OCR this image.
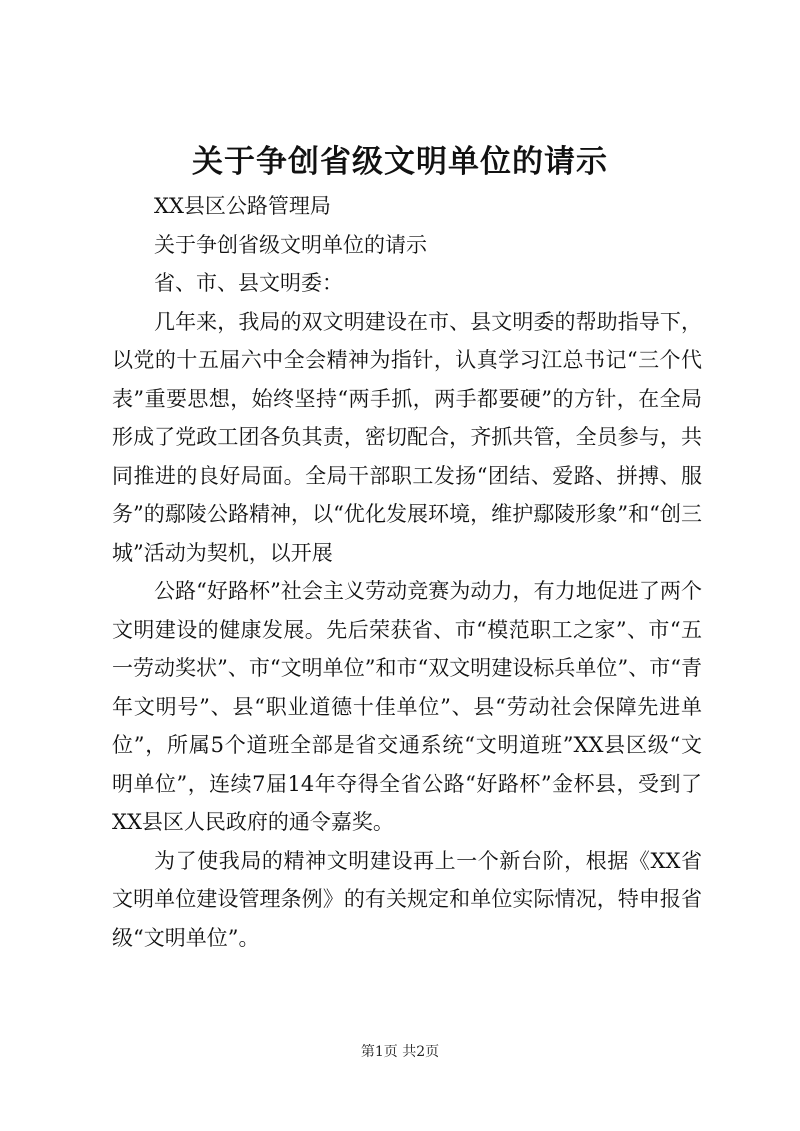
关于争创省级文明单位的请示

XX县区公路管理局

关于争创省级文明单位的请示

省、市、县文明委：

几年来，我局的双文明建设在市、县文明委的帮助指导下，以党的十五届六中全会精神为指针，认真学习江总书记“三个代表”重要思想，始终坚持“两手抓，两手都要硬”的方针，在全局形成了党政工团各负其责，密切配合，齐抓共管，全员参与，共同推进的良好局面。全局干部职工发扬“团结、爱路、拼搏、服务”的鄢陵公路精神，以“优化发展环境，维护鄢陵形象”和“创三城”活动为契机，以开展

公路“好路杯”社会主义劳动竞赛为动力，有力地促进了两个文明建设的健康发展。先后荣获省、市“模范职工之家”、市“五一劳动奖状”、市“文明单位”和市“双文明建设标兵单位”、市“青年文明号”、县“职业道德十佳单位”、县“劳动社会保障先进单位”，所属5个道班全部是省交通系统“文明道班”XX县区级“文明单位”，连续7届14年夺得全省公路“好路杯”金杯县，受到了XX县区人民政府的通令嘉奖。

为了使我局的精神文明建设再上一个新台阶，根据《XX省文明单位建设管理条例》的有关规定和单位实际情况，特申报省级“文明单位”。

第1页 共2页
